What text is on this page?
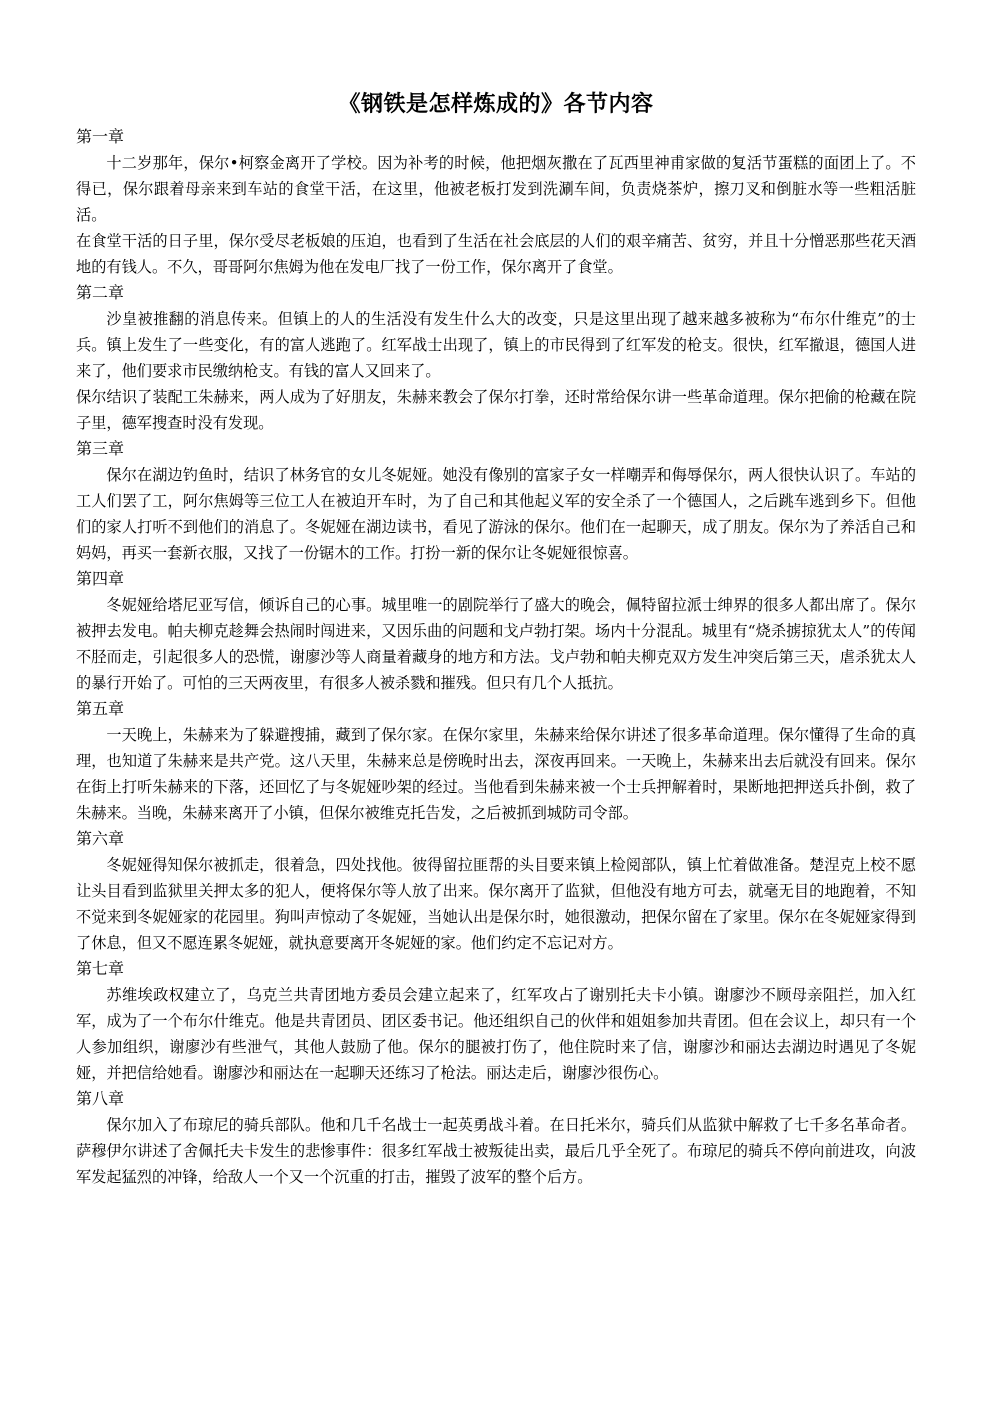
《钢铁是怎样炼成的》各节内容
第一章
十二岁那年，保尔•柯察金离开了学校。因为补考的时候，他把烟灰撒在了瓦西里神甫家做的复活节蛋糕的面团上了。不得已，保尔跟着母亲来到车站的食堂干活，在这里，他被老板打发到洗涮车间，负责烧茶炉，擦刀叉和倒脏水等一些粗活脏活。
在食堂干活的日子里，保尔受尽老板娘的压迫，也看到了生活在社会底层的人们的艰辛痛苦、贫穷，并且十分憎恶那些花天酒地的有钱人。不久，哥哥阿尔焦姆为他在发电厂找了一份工作，保尔离开了食堂。
第二章
沙皇被推翻的消息传来。但镇上的人的生活没有发生什么大的改变，只是这里出现了越来越多被称为“布尔什维克”的士兵。镇上发生了一些变化，有的富人逃跑了。红军战士出现了，镇上的市民得到了红军发的枪支。很快，红军撤退，德国人进来了，他们要求市民缴纳枪支。有钱的富人又回来了。
保尔结识了装配工朱赫来，两人成为了好朋友，朱赫来教会了保尔打拳，还时常给保尔讲一些革命道理。保尔把偷的枪藏在院子里，德军搜查时没有发现。
第三章
保尔在湖边钓鱼时，结识了林务官的女儿冬妮娅。她没有像别的富家子女一样嘲弄和侮辱保尔，两人很快认识了。车站的工人们罢了工，阿尔焦姆等三位工人在被迫开车时，为了自己和其他起义军的安全杀了一个德国人，之后跳车逃到乡下。但他们的家人打听不到他们的消息了。冬妮娅在湖边读书，看见了游泳的保尔。他们在一起聊天，成了朋友。保尔为了养活自己和妈妈，再买一套新衣服，又找了一份锯木的工作。打扮一新的保尔让冬妮娅很惊喜。
第四章
冬妮娅给塔尼亚写信，倾诉自己的心事。城里唯一的剧院举行了盛大的晚会，佩特留拉派士绅界的很多人都出席了。保尔被押去发电。帕夫柳克趁舞会热闹时闯进来，又因乐曲的问题和戈卢勃打架。场内十分混乱。城里有“烧杀掳掠犹太人”的传闻不胫而走，引起很多人的恐慌，谢廖沙等人商量着藏身的地方和方法。戈卢勃和帕夫柳克双方发生冲突后第三天，虐杀犹太人的暴行开始了。可怕的三天两夜里，有很多人被杀戮和摧残。但只有几个人抵抗。
第五章
一天晚上，朱赫来为了躲避搜捕，藏到了保尔家。在保尔家里，朱赫来给保尔讲述了很多革命道理。保尔懂得了生命的真理，也知道了朱赫来是共产党。这八天里，朱赫来总是傍晚时出去，深夜再回来。一天晚上，朱赫来出去后就没有回来。保尔在街上打听朱赫来的下落，还回忆了与冬妮娅吵架的经过。当他看到朱赫来被一个士兵押解着时，果断地把押送兵扑倒，救了朱赫来。当晚，朱赫来离开了小镇，但保尔被维克托告发，之后被抓到城防司令部。
第六章
冬妮娅得知保尔被抓走，很着急，四处找他。彼得留拉匪帮的头目要来镇上检阅部队，镇上忙着做准备。楚涅克上校不愿让头目看到监狱里关押太多的犯人，便将保尔等人放了出来。保尔离开了监狱，但他没有地方可去，就毫无目的地跑着，不知不觉来到冬妮娅家的花园里。狗叫声惊动了冬妮娅，当她认出是保尔时，她很激动，把保尔留在了家里。保尔在冬妮娅家得到了休息，但又不愿连累冬妮娅，就执意要离开冬妮娅的家。他们约定不忘记对方。
第七章
苏维埃政权建立了，乌克兰共青团地方委员会建立起来了，红军攻占了谢别托夫卡小镇。谢廖沙不顾母亲阻拦，加入红军，成为了一个布尔什维克。他是共青团员、团区委书记。他还组织自己的伙伴和姐姐参加共青团。但在会议上，却只有一个人参加组织，谢廖沙有些泄气，其他人鼓励了他。保尔的腿被打伤了，他住院时来了信，谢廖沙和丽达去湖边时遇见了冬妮娅，并把信给她看。谢廖沙和丽达在一起聊天还练习了枪法。丽达走后，谢廖沙很伤心。
第八章
保尔加入了布琼尼的骑兵部队。他和几千名战士一起英勇战斗着。在日托米尔，骑兵们从监狱中解救了七千多名革命者。萨穆伊尔讲述了舍佩托夫卡发生的悲惨事件：很多红军战士被叛徒出卖，最后几乎全死了。布琼尼的骑兵不停向前进攻，向波军发起猛烈的冲锋，给敌人一个又一个沉重的打击，摧毁了波军的整个后方。
